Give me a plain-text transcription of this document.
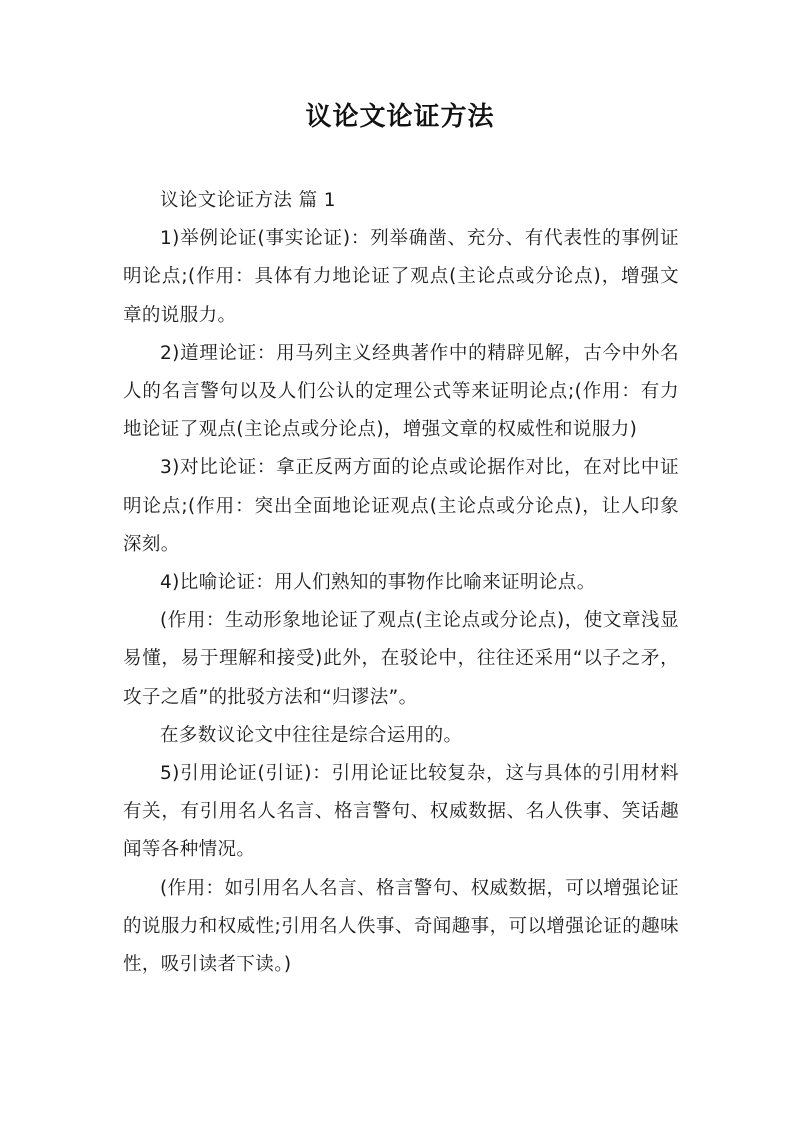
议论文论证方法

议论文论证方法 篇 1

1)举例论证(事实论证)：列举确凿、充分、有代表性的事例证明论点;(作用：具体有力地论证了观点(主论点或分论点)，增强文章的说服力。

2)道理论证：用马列主义经典著作中的精辟见解，古今中外名人的名言警句以及人们公认的定理公式等来证明论点;(作用：有力地论证了观点(主论点或分论点)，增强文章的权威性和说服力)

3)对比论证：拿正反两方面的论点或论据作对比，在对比中证明论点;(作用：突出全面地论证观点(主论点或分论点)，让人印象深刻。

4)比喻论证：用人们熟知的事物作比喻来证明论点。

(作用：生动形象地论证了观点(主论点或分论点)，使文章浅显易懂，易于理解和接受)此外，在驳论中，往往还采用“以子之矛，攻子之盾”的批驳方法和“归谬法”。

在多数议论文中往往是综合运用的。

5)引用论证(引证)：引用论证比较复杂，这与具体的引用材料有关，有引用名人名言、格言警句、权威数据、名人佚事、笑话趣闻等各种情况。

(作用：如引用名人名言、格言警句、权威数据，可以增强论证的说服力和权威性;引用名人佚事、奇闻趣事，可以增强论证的趣味性，吸引读者下读。)
